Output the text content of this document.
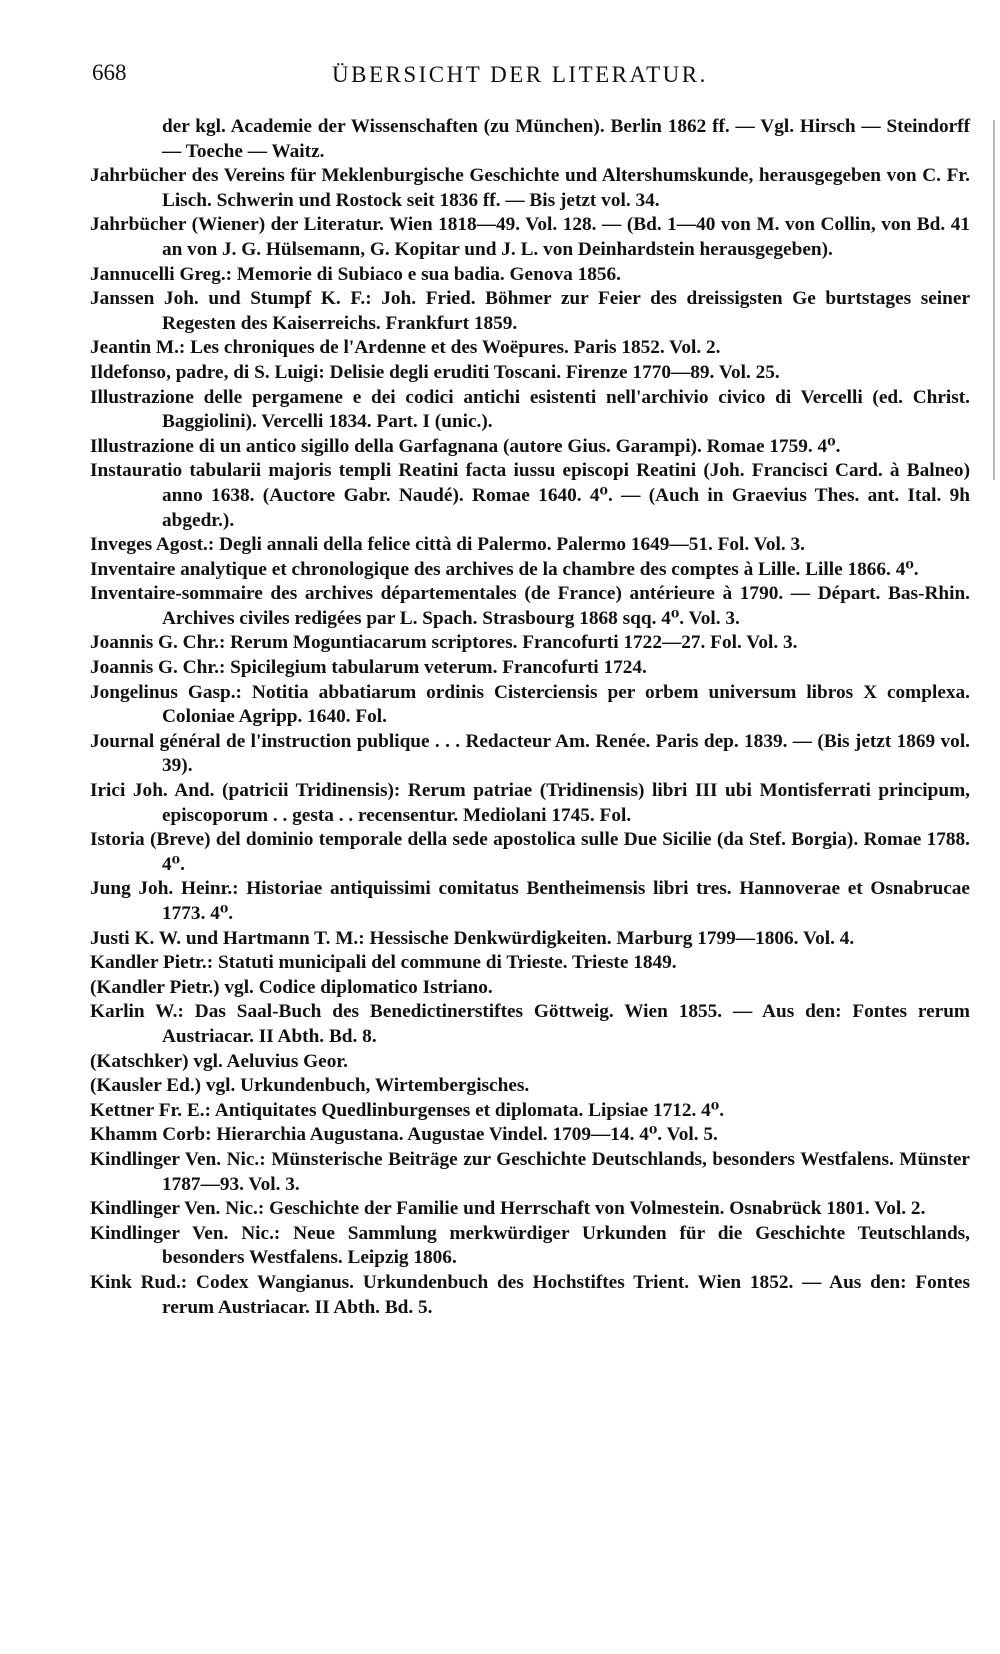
668	ÜBERSICHT DER LITERATUR.
der kgl. Academie der Wissenschaften (zu München). Berlin 1862 ff. — Vgl. Hirsch — Steindorff — Toeche — Waitz.
Jahrbücher des Vereins für Meklenburgische Geschichte und Altershumskunde, herausgegeben von C. Fr. Lisch. Schwerin und Rostock seit 1836 ff. — Bis jetzt vol. 34.
Jahrbücher (Wiener) der Literatur. Wien 1818—49. Vol. 128. — (Bd. 1—40 von M. von Collin, von Bd. 41 an von J. G. Hülsemann, G. Kopitar und J. L. von Deinhardstein herausgegeben).
Jannucelli Greg.: Memorie di Subiaco e sua badia. Genova 1856.
Janssen Joh. und Stumpf K. F.: Joh. Fried. Böhmer zur Feier des dreissigsten Ge burtstages seiner Regesten des Kaiserreichs. Frankfurt 1859.
Jeantin M.: Les chroniques de l'Ardenne et des Woëpures. Paris 1852. Vol. 2.
Ildefonso, padre, di S. Luigi: Delisie degli eruditi Toscani. Firenze 1770—89. Vol. 25.
Illustrazione delle pergamene e dei codici antichi esistenti nell'archivio civico di Vercelli (ed. Christ. Baggiolini). Vercelli 1834. Part. I (unic.).
Illustrazione di un antico sigillo della Garfagnana (autore Gius. Garampi). Romae 1759. 4⁰.
Instauratio tabularii majoris templi Reatini facta iussu episcopi Reatini (Joh. Francisci Card. à Balneo) anno 1638. (Auctore Gabr. Naudé). Romae 1640. 4⁰. — (Auch in Graevius Thes. ant. Ital. 9h abgedr.).
Inveges Agost.: Degli annali della felice città di Palermo. Palermo 1649—51. Fol. Vol. 3.
Inventaire analytique et chronologique des archives de la chambre des comptes à Lille. Lille 1866. 4⁰.
Inventaire-sommaire des archives départementales (de France) antérieure à 1790. — Départ. Bas-Rhin. Archives civiles redigées par L. Spach. Strasbourg 1868 sqq. 4⁰. Vol. 3.
Joannis G. Chr.: Rerum Moguntiacarum scriptores. Francofurti 1722—27. Fol. Vol. 3.
Joannis G. Chr.: Spicilegium tabularum veterum. Francofurti 1724.
Jongelinus Gasp.: Notitia abbatiarum ordinis Cisterciensis per orbem universum libros X complexa. Coloniae Agripp. 1640. Fol.
Journal général de l'instruction publique . . . Redacteur Am. Renée. Paris dep. 1839. — (Bis jetzt 1869 vol. 39).
Irici Joh. And. (patricii Tridinensis): Rerum patriae (Tridinensis) libri III ubi Montisferrati principum, episcoporum . . gesta . . recensentur. Mediolani 1745. Fol.
Istoria (Breve) del dominio temporale della sede apostolica sulle Due Sicilie (da Stef. Borgia). Romae 1788. 4⁰.
Jung Joh. Heinr.: Historiae antiquissimi comitatus Bentheimensis libri tres. Hannoverae et Osnabrucae 1773. 4⁰.
Justi K. W. und Hartmann T. M.: Hessische Denkwürdigkeiten. Marburg 1799—1806. Vol. 4.
Kandler Pietr.: Statuti municipali del commune di Trieste. Trieste 1849.
(Kandler Pietr.) vgl. Codice diplomatico Istriano.
Karlin W.: Das Saal-Buch des Benedictinerstiftes Göttweig. Wien 1855. — Aus den: Fontes rerum Austriacar. II Abth. Bd. 8.
(Katschker) vgl. Aeluvius Geor.
(Kausler Ed.) vgl. Urkundenbuch, Wirtembergisches.
Kettner Fr. E.: Antiquitates Quedlinburgenses et diplomata. Lipsiae 1712. 4⁰.
Khamm Corb: Hierarchia Augustana. Augustae Vindel. 1709—14. 4⁰. Vol. 5.
Kindlinger Ven. Nic.: Münsterische Beiträge zur Geschichte Deutschlands, besonders Westfalens. Münster 1787—93. Vol. 3.
Kindlinger Ven. Nic.: Geschichte der Familie und Herrschaft von Volmestein. Osnabrück 1801. Vol. 2.
Kindlinger Ven. Nic.: Neue Sammlung merkwürdiger Urkunden für die Geschichte Teutschlands, besonders Westfalens. Leipzig 1806.
Kink Rud.: Codex Wangianus. Urkundenbuch des Hochstiftes Trient. Wien 1852. — Aus den: Fontes rerum Austriacar. II Abth. Bd. 5.
